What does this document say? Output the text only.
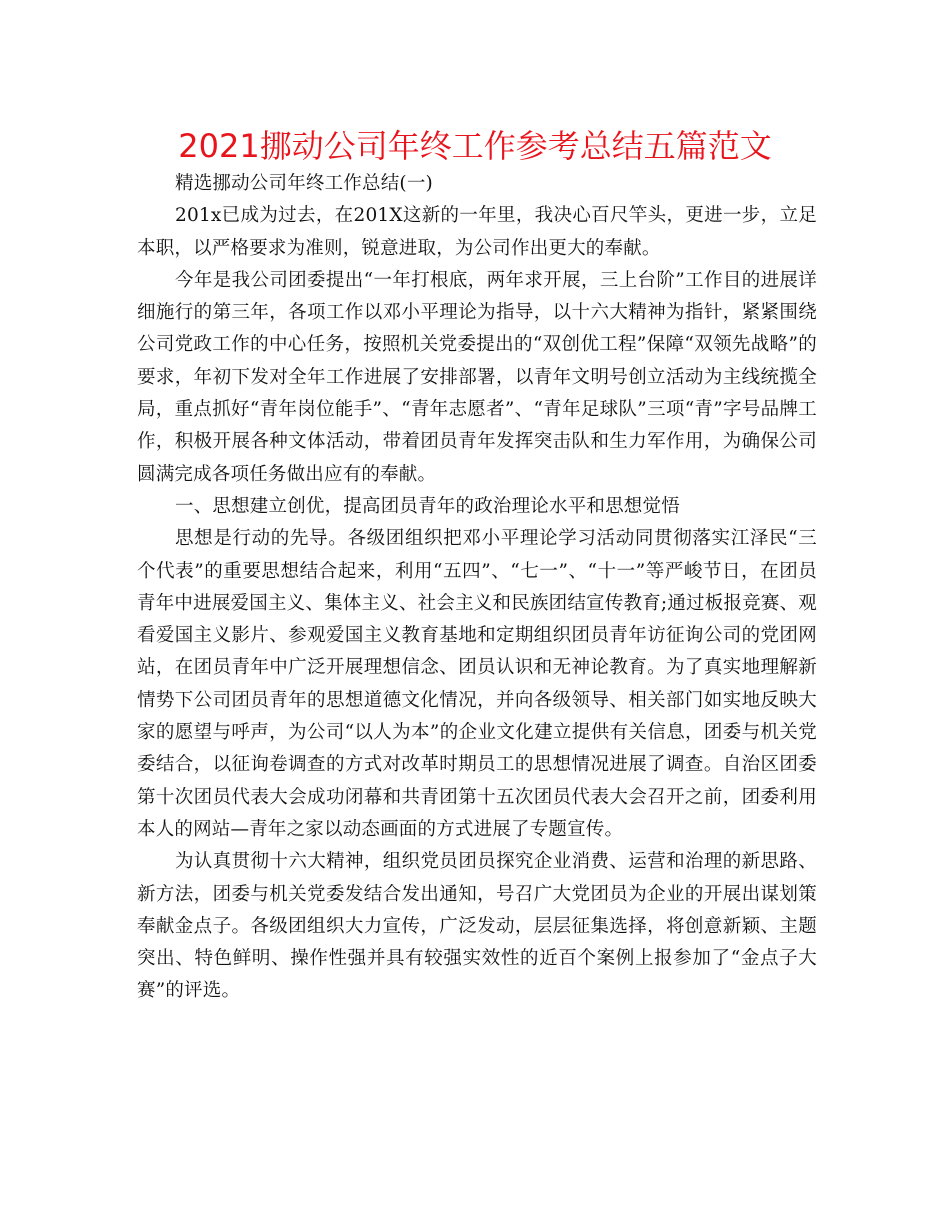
2021挪动公司年终工作参考总结五篇范文

精选挪动公司年终工作总结(一)

201x已成为过去，在201X这新的一年里，我决心百尺竿头，更进一步，立足本职，以严格要求为准则，锐意进取，为公司作出更大的奉献。

今年是我公司团委提出“一年打根底，两年求开展，三上台阶”工作目的进展详细施行的第三年，各项工作以邓小平理论为指导，以十六大精神为指针，紧紧围绕公司党政工作的中心任务，按照机关党委提出的“双创优工程”保障“双领先战略”的要求，年初下发对全年工作进展了安排部署，以青年文明号创立活动为主线统揽全局，重点抓好“青年岗位能手”、“青年志愿者”、“青年足球队”三项“青”字号品牌工作，积极开展各种文体活动，带着团员青年发挥突击队和生力军作用，为确保公司圆满完成各项任务做出应有的奉献。

一、思想建立创优，提高团员青年的政治理论水平和思想觉悟

思想是行动的先导。各级团组织把邓小平理论学习活动同贯彻落实江泽民“三个代表”的重要思想结合起来，利用“五四”、“七一”、“十一”等严峻节日，在团员青年中进展爱国主义、集体主义、社会主义和民族团结宣传教育;通过板报竞赛、观看爱国主义影片、参观爱国主义教育基地和定期组织团员青年访征询公司的党团网站，在团员青年中广泛开展理想信念、团员认识和无神论教育。为了真实地理解新情势下公司团员青年的思想道德文化情况，并向各级领导、相关部门如实地反映大家的愿望与呼声，为公司“以人为本”的企业文化建立提供有关信息，团委与机关党委结合，以征询卷调查的方式对改革时期员工的思想情况进展了调查。自治区团委第十次团员代表大会成功闭幕和共青团第十五次团员代表大会召开之前，团委利用本人的网站—青年之家以动态画面的方式进展了专题宣传。

为认真贯彻十六大精神，组织党员团员探究企业消费、运营和治理的新思路、新方法，团委与机关党委发结合发出通知，号召广大党团员为企业的开展出谋划策奉献金点子。各级团组织大力宣传，广泛发动，层层征集选择，将创意新颖、主题突出、特色鲜明、操作性强并具有较强实效性的近百个案例上报参加了“金点子大赛”的评选。
